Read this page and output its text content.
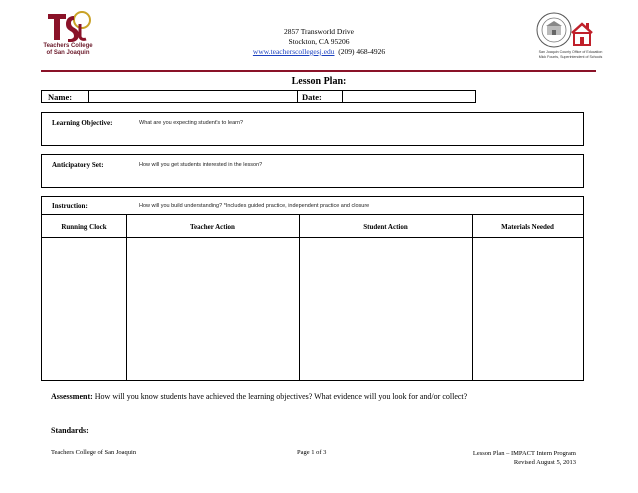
Teachers College
of San Joaquin
2857 Transworld Drive
Stockton, CA 95206
www.teacherscollegesj.edu (209) 468-4926	San Joaquin County Office of Education
Mick Founts, Superintendent of Schools
Lesson Plan:
Name:	Date:
Learning Objective:	What are you expecting student's to learn?
Anticipatory Set:	How will you get students interested in the lesson?
Instruction:	How will you build understanding? *Includes guided practice, independent practice and closure
Running Clock	Teacher Action	Student Action	Materials Needed
Assessment: How will you know students have achieved the learning objectives? What evidence will you look for and/or collect?
Standards:
Teachers College of San Joaquin	Page 1 of 3	Lesson Plan – IMPACT Intern Program
Revised August 5, 2013
